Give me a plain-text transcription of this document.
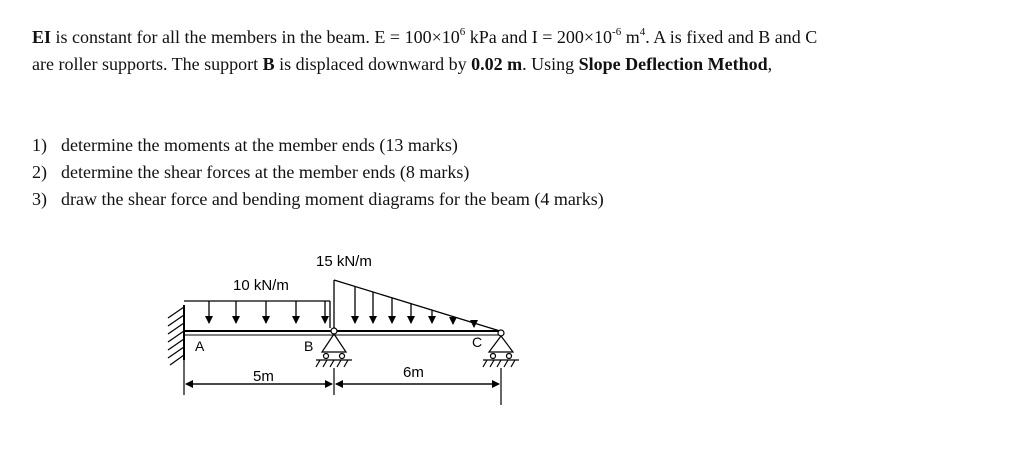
EI is constant for all the members in the beam. $E = 100\times 10^6$ kPa and $I = 200\times 10^{-6}$ $m^4$. A is fixed and B and C are roller supports. The support B is displaced downward by 0.02 m. Using Slope Deflection Method,

1) determine the moments at the member ends (13 marks)
2) determine the shear forces at the member ends (8 marks)
3) draw the shear force and bending moment diagrams for the beam (4 marks)
10 kN/m
15 kN/m
A	B	C
5m	6m
